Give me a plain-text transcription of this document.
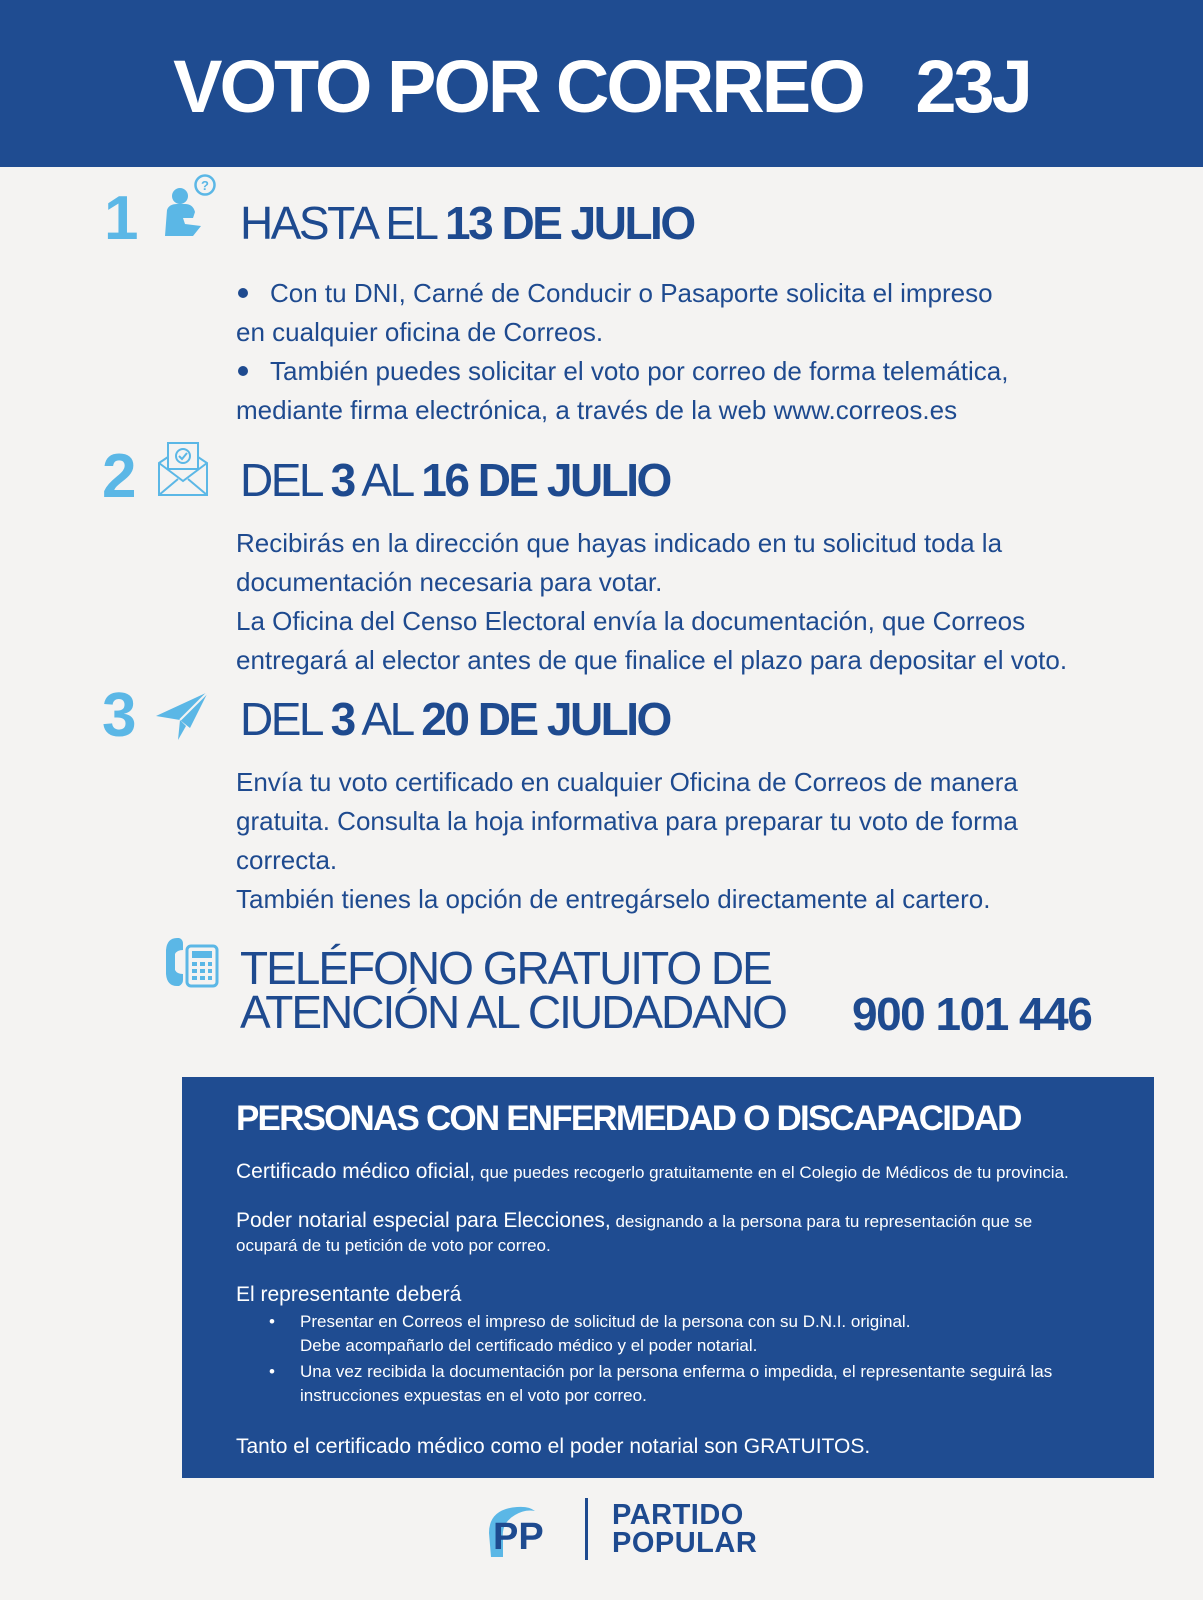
VOTO POR CORREO   23J
1	?
HASTA EL 13 DE JULIO

Con tu DNI, Carné de Conducir o Pasaporte solicita el impreso

en cualquier oficina de Correos.

También puedes solicitar el voto por correo de forma telemática,

mediante firma electrónica, a través de la web www.correos.es

2 DEL 3 AL 16 DE JULIO

Recibirás en la dirección que hayas indicado en tu solicitud toda la

documentación necesaria para votar.

La Oficina del Censo Electoral envía la documentación, que Correos

entregará al elector antes de que finalice el plazo para depositar el voto.

3 DEL 3 AL 20 DE JULIO

Envía tu voto certificado en cualquier Oficina de Correos de manera

gratuita. Consulta la hoja informativa para preparar tu voto de forma

correcta.

También tienes la opción de entregárselo directamente al cartero.

TELÉFONO GRATUITO DE
ATENCIÓN AL CIUDADANO 900 101 446
PERSONAS CON ENFERMEDAD O DISCAPACIDAD
Certificado médico oficial, que puedes recogerlo gratuitamente en el Colegio de Médicos de tu provincia.
Poder notarial especial para Elecciones, designando a la persona para tu representación que se
ocupará de tu petición de voto por correo.
El representante deberá
• Presentar en Correos el impreso de solicitud de la persona con su D.N.I. original.
Debe acompañarlo del certificado médico y el poder notarial.
• Una vez recibida la documentación por la persona enferma o impedida, el representante seguirá las
instrucciones expuestas en el voto por correo.
Tanto el certificado médico como el poder notarial son GRATUITOS.
PP
PARTIDO
POPULAR
